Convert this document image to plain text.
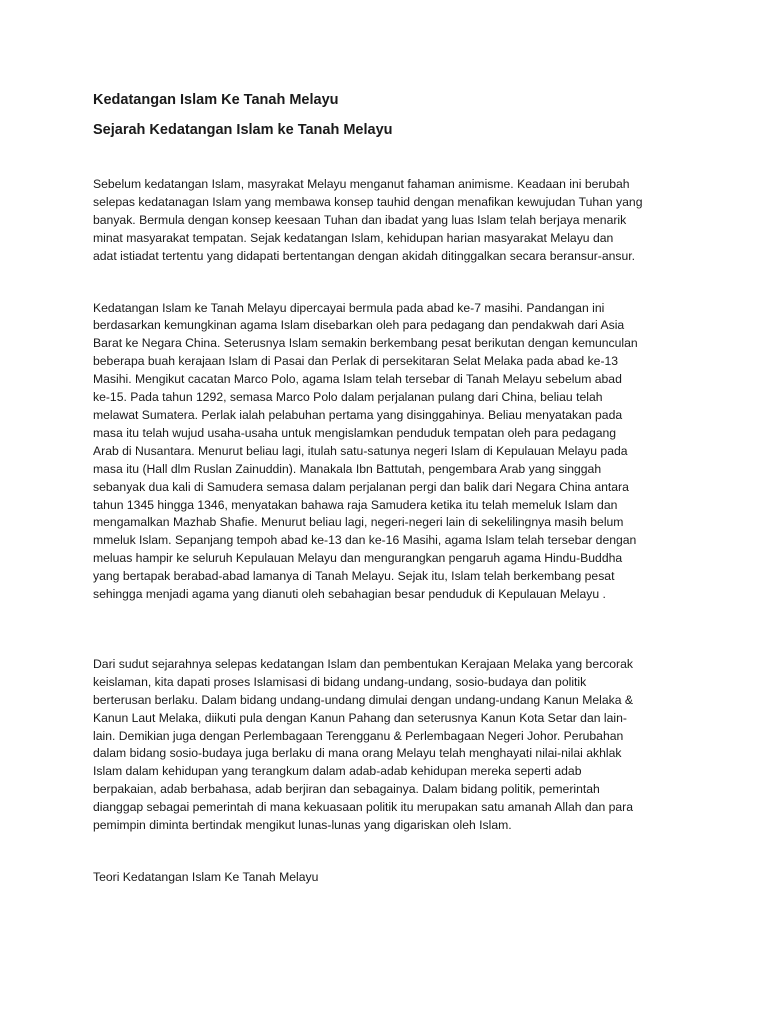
Kedatangan Islam Ke Tanah Melayu
Sejarah Kedatangan Islam ke Tanah Melayu
Sebelum kedatangan Islam, masyrakat Melayu menganut fahaman animisme. Keadaan ini berubah
selepas kedatanagan Islam yang membawa konsep tauhid dengan menafikan kewujudan Tuhan yang
banyak. Bermula dengan konsep keesaan Tuhan dan ibadat yang luas Islam telah berjaya menarik
minat masyarakat tempatan. Sejak kedatangan Islam, kehidupan harian masyarakat Melayu dan
adat istiadat tertentu yang didapati bertentangan dengan akidah ditinggalkan secara beransur-ansur.
Kedatangan Islam ke Tanah Melayu dipercayai bermula pada abad ke-7 masihi. Pandangan ini
berdasarkan kemungkinan agama Islam disebarkan oleh para pedagang dan pendakwah dari Asia
Barat ke Negara China. Seterusnya Islam semakin berkembang pesat berikutan dengan kemunculan
beberapa buah kerajaan Islam di Pasai dan Perlak di persekitaran Selat Melaka pada abad ke-13
Masihi. Mengikut cacatan Marco Polo, agama Islam telah tersebar di Tanah Melayu sebelum abad
ke-15. Pada tahun 1292, semasa Marco Polo dalam perjalanan pulang dari China, beliau telah
melawat Sumatera. Perlak ialah pelabuhan pertama yang disinggahinya. Beliau menyatakan pada
masa itu telah wujud usaha-usaha untuk mengislamkan penduduk tempatan oleh para pedagang
Arab di Nusantara. Menurut beliau lagi, itulah satu-satunya negeri Islam di Kepulauan Melayu pada
masa itu (Hall dlm Ruslan Zainuddin). Manakala Ibn Battutah, pengembara Arab yang singgah
sebanyak dua kali di Samudera semasa dalam perjalanan pergi dan balik dari Negara China antara
tahun 1345 hingga 1346, menyatakan bahawa raja Samudera ketika itu telah memeluk Islam dan
mengamalkan Mazhab Shafie. Menurut beliau lagi, negeri-negeri lain di sekelilingnya masih belum
mmeluk Islam. Sepanjang tempoh abad ke-13 dan ke-16 Masihi, agama Islam telah tersebar dengan
meluas hampir ke seluruh Kepulauan Melayu dan mengurangkan pengaruh agama Hindu-Buddha
yang bertapak berabad-abad lamanya di Tanah Melayu. Sejak itu, Islam telah berkembang pesat
sehingga menjadi agama yang dianuti oleh sebahagian besar penduduk di Kepulauan Melayu .
Dari sudut sejarahnya selepas kedatangan Islam dan pembentukan Kerajaan Melaka yang bercorak
keislaman, kita dapati proses Islamisasi di bidang undang-undang, sosio-budaya dan politik
berterusan berlaku. Dalam bidang undang-undang dimulai dengan undang-undang Kanun Melaka &
Kanun Laut Melaka, diikuti pula dengan Kanun Pahang dan seterusnya Kanun Kota Setar dan lain-
lain. Demikian juga dengan Perlembagaan Terengganu & Perlembagaan Negeri Johor. Perubahan
dalam bidang sosio-budaya juga berlaku di mana orang Melayu telah menghayati nilai-nilai akhlak
Islam dalam kehidupan yang terangkum dalam adab-adab kehidupan mereka seperti adab
berpakaian, adab berbahasa, adab berjiran dan sebagainya. Dalam bidang politik, pemerintah
dianggap sebagai pemerintah di mana kekuasaan politik itu merupakan satu amanah Allah dan para
pemimpin diminta bertindak mengikut lunas-lunas yang digariskan oleh Islam.
Teori Kedatangan Islam Ke Tanah Melayu
